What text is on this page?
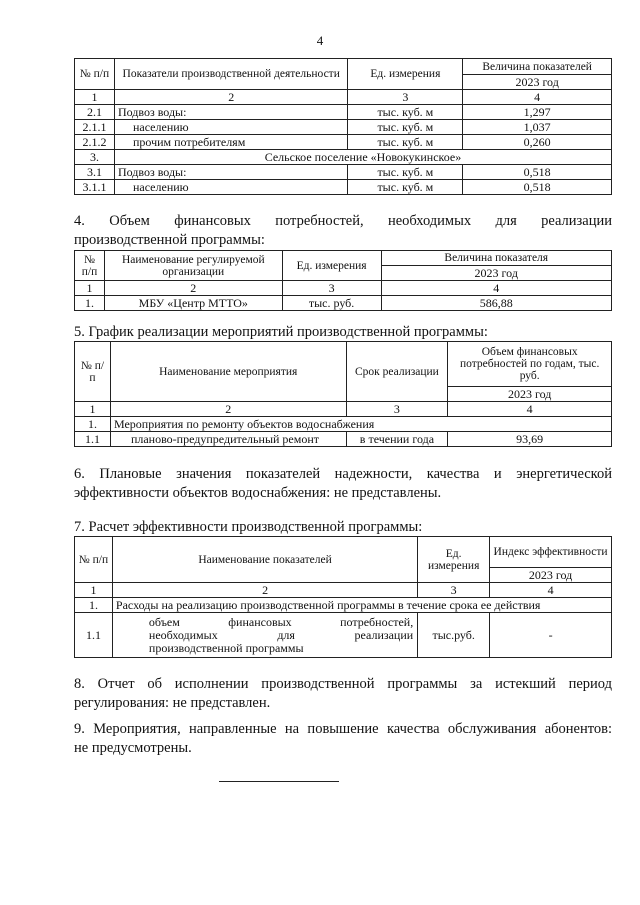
4
№ п/п	Показатели производственной деятельности	Ед. измерения	Величина показателей
			2023 год
1	2	3	4
2.1	Подвоз воды:	тыс. куб. м	1,297
2.1.1	населению	тыс. куб. м	1,037
2.1.2	прочим потребителям	тыс. куб. м	0,260
3.	Сельское поселение «Новокукинское»		
3.1	Подвоз воды:	тыс. куб. м	0,518
3.1.1	населению	тыс. куб. м	0,518
4. Объем финансовых потребностей, необходимых для реализации
производственной программы:
№ п/п	Наименование регулируемой организации	Ед. измерения	Величина показателя
			2023 год
1	2	3	4
1.	МБУ «Центр МТТО»	тыс. руб.	586,88
5. График реализации мероприятий производственной программы:
№ п/п	Наименование мероприятия	Срок реализации	Объем финансовых потребностей по годам, тыс. руб.
			2023 год
1	2	3	4
1.	Мероприятия по ремонту объектов водоснабжения		
1.1	планово-предупредительный ремонт	в течении года	93,69
6. Плановые значения показателей надежности, качества и энергетической
эффективности объектов водоснабжения: не представлены.
7. Расчет эффективности производственной программы:
№ п/п	Наименование показателей	Ед. измерения	Индекс эффективности
			2023 год
1	2	3	4
1.	Расходы на реализацию производственной программы в течение срока ее действия		
1.1	объем финансовых потребностей,
необходимых для реализации
производственной программы	тыс.руб.	-
8. Отчет об исполнении производственной программы за истекший период
регулирования: не представлен.
9. Мероприятия, направленные на повышение качества обслуживания абонентов:
не предусмотрены.
